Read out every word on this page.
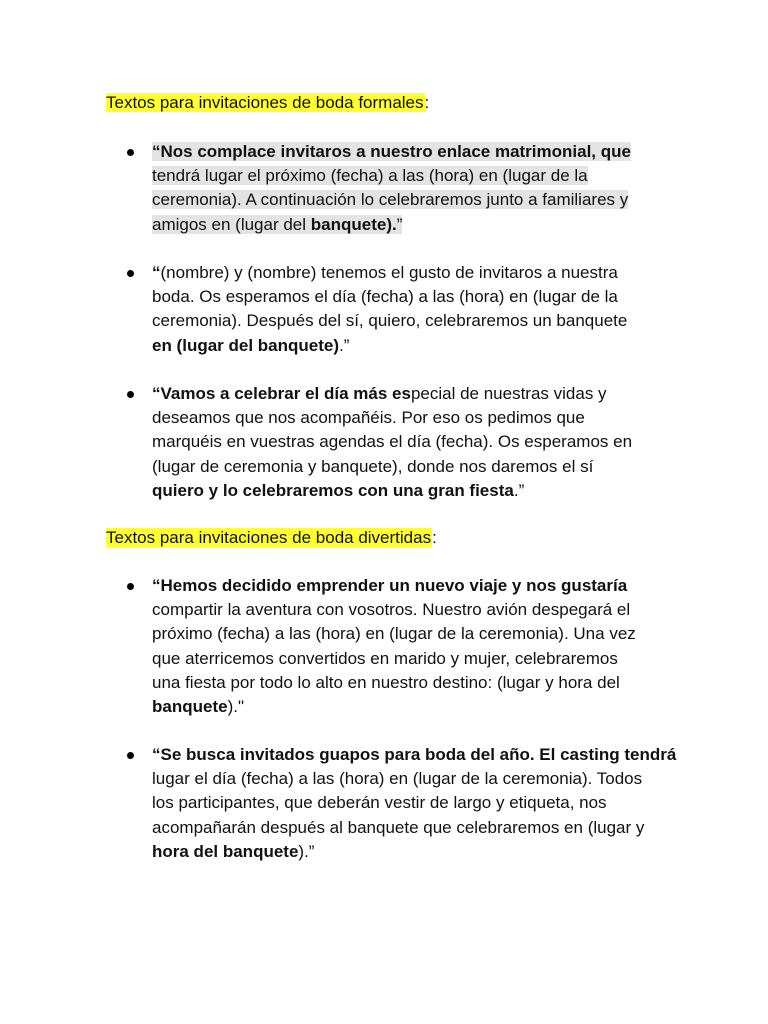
Textos para invitaciones de boda formales:
“Nos complace invitaros a nuestro enlace matrimonial, que
tendrá lugar el próximo (fecha) a las (hora) en (lugar de la
ceremonia). A continuación lo celebraremos junto a familiares y
amigos en (lugar del banquete).”
“(nombre) y (nombre) tenemos el gusto de invitaros a nuestra
boda. Os esperamos el día (fecha) a las (hora) en (lugar de la
ceremonia). Después del sí, quiero, celebraremos un banquete
en (lugar del banquete).”
“Vamos a celebrar el día más especial de nuestras vidas y
deseamos que nos acompañéis. Por eso os pedimos que
marquéis en vuestras agendas el día (fecha). Os esperamos en
(lugar de ceremonia y banquete), donde nos daremos el sí
quiero y lo celebraremos con una gran fiesta.”
Textos para invitaciones de boda divertidas:
“Hemos decidido emprender un nuevo viaje y nos gustaría
compartir la aventura con vosotros. Nuestro avión despegará el
próximo (fecha) a las (hora) en (lugar de la ceremonia). Una vez
que aterricemos convertidos en marido y mujer, celebraremos
una fiesta por todo lo alto en nuestro destino: (lugar y hora del
banquete)."
“Se busca invitados guapos para boda del año. El casting tendrá
lugar el día (fecha) a las (hora) en (lugar de la ceremonia). Todos
los participantes, que deberán vestir de largo y etiqueta, nos
acompañarán después al banquete que celebraremos en (lugar y
hora del banquete).”
